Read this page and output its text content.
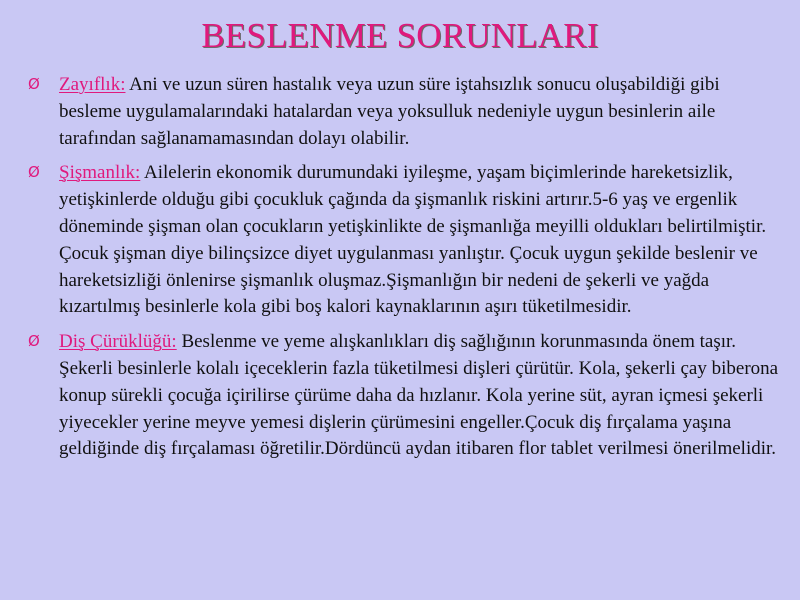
BESLENME SORUNLARI
Ø Zayıflık: Ani ve uzun süren hastalık veya uzun süre iştahsızlık sonucu oluşabildiği gibi besleme uygulamalarındaki hatalardan veya yoksulluk nedeniyle uygun besinlerin aile tarafından sağlanamamasından dolayı olabilir.
Ø Şişmanlık: Ailelerin ekonomik durumundaki iyileşme, yaşam biçimlerinde hareketsizlik, yetişkinlerde olduğu gibi çocukluk çağında da şişmanlık riskini artırır.5-6 yaş ve ergenlik döneminde şişman olan çocukların yetişkinlikte de şişmanlığa meyilli oldukları belirtilmiştir. Çocuk şişman diye bilinçsizce diyet uygulanması yanlıştır. Çocuk uygun şekilde beslenir ve hareketsizliği önlenirse şişmanlık oluşmaz.Şişmanlığın bir nedeni de şekerli ve yağda kızartılmış besinlerle kola gibi boş kalori kaynaklarının aşırı tüketilmesidir.
Ø Diş Çürüklüğü: Beslenme ve yeme alışkanlıkları diş sağlığının korunmasında önem taşır. Şekerli besinlerle kolalı içeceklerin fazla tüketilmesi dişleri çürütür. Kola, şekerli çay biberona konup sürekli çocuğa içirilirse çürüme daha da hızlanır. Kola yerine süt, ayran içmesi şekerli yiyecekler yerine meyve yemesi dişlerin çürümesini engeller.Çocuk diş fırçalama yaşına geldiğinde diş fırçalaması öğretilir.Dördüncü aydan itibaren flor tablet verilmesi önerilmelidir.
